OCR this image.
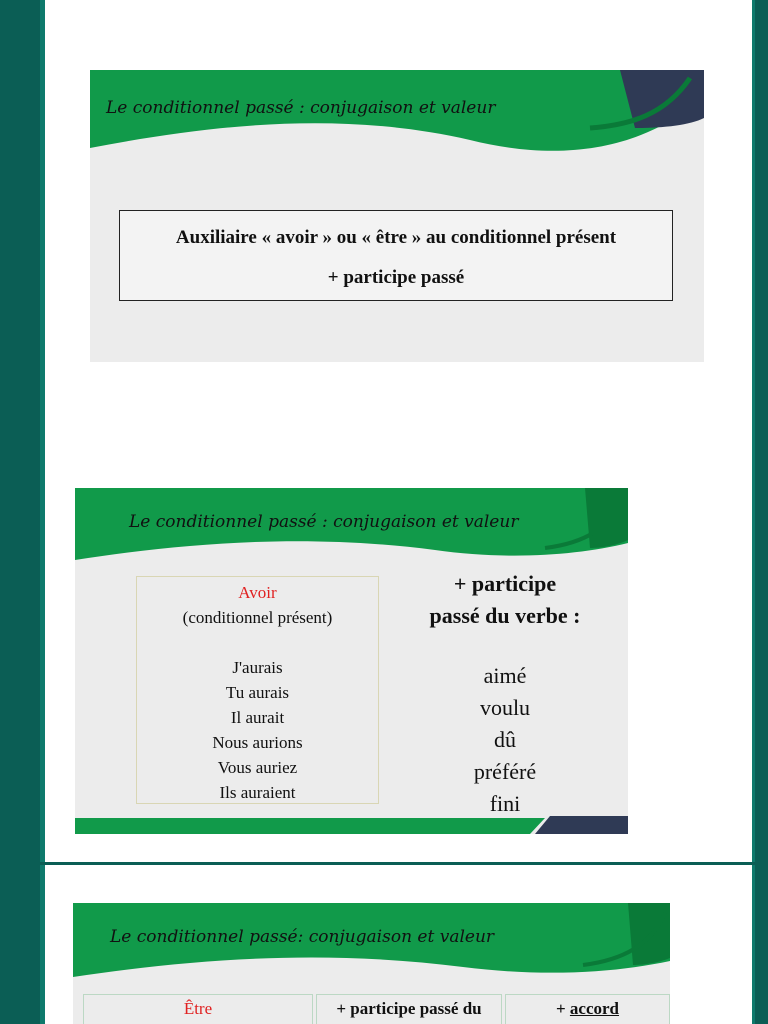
Le conditionnel passé : conjugaison et valeur
Auxiliaire « avoir » ou « être » au conditionnel présent
+ participe passé
Le conditionnel passé : conjugaison et valeur
Avoir
(conditionnel présent)
J'aurais
Tu aurais
Il aurait
Nous aurions
Vous auriez
Ils auraient
+ participe
passé du verbe :
aimé
voulu
dû
préféré
fini
Le conditionnel passé: conjugaison et valeur
Être	+ participe passé du	+ accord
